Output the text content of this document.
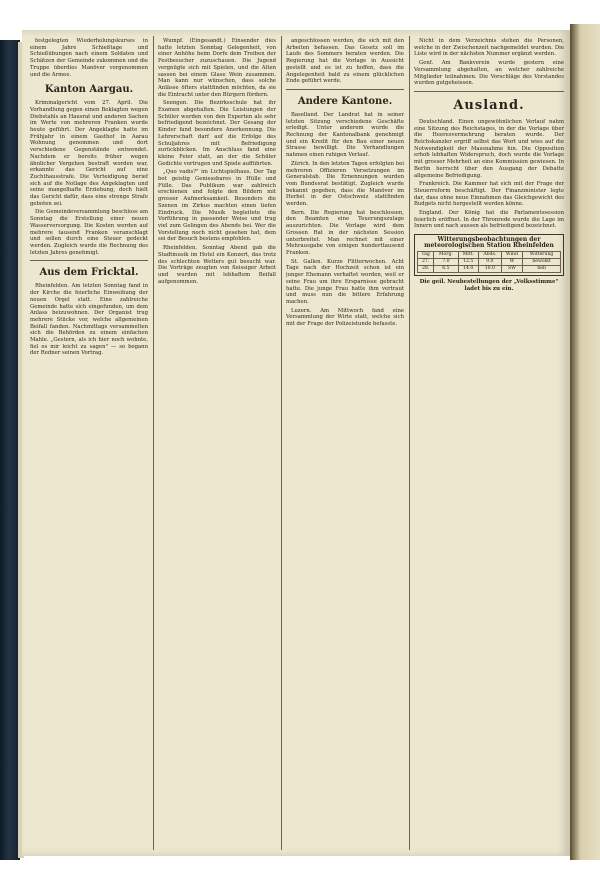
festgelegten Wiederholungskurses in einem Jahre Schießtage und Schießübungen nach einem Soldaten und Schätzen der Gemeinde zukommen und die Truppe überdies Manöver vorgenommen und die Armee.

Kanton Aargau.

Kriminalgericht vom 27. April. Die Vorhandlung gegen einen Beklagten wegen Diebstahls an Hausrat und anderen Sachen im Werte von mehreren Franken wurde heute geführt. Der Angeklagte hatte im Frühjahr in einem Gasthof in Aarau Wohnung genommen und dort verschiedene Gegenstände entwendet. Nachdem er bereits früher wegen ähnlicher Vergehen bestraft worden war, erkannte das Gericht auf eine Zuchthausstrafe. Die Verteidigung berief sich auf die Notlage des Angeklagten und seine mangelhafte Erziehung, doch hielt das Gericht dafür, dass eine strenge Strafe geboten sei.

Die Gemeindeversammlung beschloss am Sonntag die Erstellung einer neuen Wasserversorgung. Die Kosten werden auf mehrere tausend Franken veranschlagt und sollen durch eine Steuer gedeckt werden. Zugleich wurde die Rechnung des letzten Jahres genehmigt.

Aus dem Fricktal.

Rheinfelden. Am letzten Sonntag fand in der Kirche die feierliche Einweihung der neuen Orgel statt. Eine zahlreiche Gemeinde hatte sich eingefunden, um dem Anlass beizuwohnen. Der Organist trug mehrere Stücke vor, welche allgemeinen Beifall fanden. Nachmittags versammelten sich die Behörden zu einem einfachen Mahle. „Gestern, als ich hier noch wohnte, fiel es mir leicht zu sagen" — so begann der Redner seinen Vortrag.

Wumpf. (Eingesandt.) Einsender dies hatte letzten Sonntag Gelegenheit, von einer Anhöhe beim Dorfe dem Treiben der Festbesucher zuzuschauen. Die Jugend vergnügte sich mit Spielen, und die Alten sassen bei einem Glase Wein zusammen. Man kann nur wünschen, dass solche Anlässe öfters stattfinden möchten, da sie die Eintracht unter den Bürgern fördern.

Seengen. Die Bezirksschule hat ihr Examen abgehalten. Die Leistungen der Schüler wurden von den Experten als sehr befriedigend bezeichnet. Der Gesang der Kinder fand besondere Anerkennung. Die Lehrerschaft darf auf die Erfolge des Schuljahres mit Befriedigung zurückblicken. Im Anschluss fand eine kleine Feier statt, an der die Schüler Gedichte vortrugen und Spiele aufführten.

„Quo vadis?" im Lichtspielhaus. Der Tag bot geistig Geniessbares in Hülle und Fülle. Das Publikum war zahlreich erschienen und folgte den Bildern mit grosser Aufmerksamkeit. Besonders die Szenen im Zirkus machten einen tiefen Eindruck. Die Musik begleitete die Vorführung in passender Weise und trug viel zum Gelingen des Abends bei. Wer die Vorstellung noch nicht gesehen hat, dem sei der Besuch bestens empfohlen.

Rheinfelden. Sonntag Abend gab die Stadtmusik im Hotel ein Konzert, das trotz des schlechten Wetters gut besucht war. Die Vorträge zeugten von fleissiger Arbeit und wurden mit lebhaftem Beifall aufgenommen.

angeschlossen werden, die sich mit den Arbeiten befassen. Das Gesetz soll im Laufe des Sommers beraten werden. Die Regierung hat die Vorlage in Aussicht gestellt und es ist zu hoffen, dass die Angelegenheit bald zu einem glücklichen Ende geführt werde.

Andere Kantone.

Baselland. Der Landrat hat in seiner letzten Sitzung verschiedene Geschäfte erledigt. Unter anderem wurde die Rechnung der Kantonalbank genehmigt und ein Kredit für den Bau einer neuen Strasse bewilligt. Die Verhandlungen nahmen einen ruhigen Verlauf.

Zürich. In den letzten Tagen erfolgten bei mehreren Offizieren Versetzungen im Generalstab. Die Ernennungen wurden vom Bundesrat bestätigt. Zugleich wurde bekannt gegeben, dass die Manöver im Herbst in der Ostschweiz stattfinden werden.

Bern. Die Regierung hat beschlossen, den Beamten eine Teuerungszulage auszurichten. Die Vorlage wird dem Grossen Rat in der nächsten Session unterbreitet. Man rechnet mit einer Mehrausgabe von einigen hunderttausend Franken.

St. Gallen. Kurze Flitterwochen. Acht Tage nach der Hochzeit schon ist ein junger Ehemann verhaftet worden, weil er seine Frau um ihre Ersparnisse gebracht hatte. Die junge Frau hatte ihm vertraut und muss nun die bittere Erfahrung machen.

Luzern. Am Mittwoch fand eine Versammlung der Wirte statt, welche sich mit der Frage der Polizeistunde befasste.

Nicht in dem Verzeichnis stehen die Personen, welche in der Zwischenzeit nachgemeldet wurden. Die Liste wird in der nächsten Nummer ergänzt werden.

Genf. Am Bankverein wurde gestern eine Versammlung abgehalten, an welcher zahlreiche Mitglieder teilnahmen. Die Vorschläge des Vorstandes wurden gutgeheissen.

Ausland.

Deutschland. Einen ungewöhnlichen Verlauf nahm eine Sitzung des Reichstages, in der die Vorlage über die Heeresvermehrung beraten wurde. Der Reichskanzler ergriff selbst das Wort und wies auf die Notwendigkeit der Massnahme hin. Die Opposition erhob lebhaften Widerspruch, doch wurde die Vorlage mit grosser Mehrheit an eine Kommission gewiesen. In Berlin herrscht über den Ausgang der Debatte allgemeine Befriedigung.

Frankreich. Die Kammer hat sich mit der Frage der Steuerreform beschäftigt. Der Finanzminister legte dar, dass ohne neue Einnahmen das Gleichgewicht des Budgets nicht hergestellt werden könne.

England. Der König hat die Parlamentssession feierlich eröffnet. In der Thronrede wurde die Lage im Innern und nach aussen als befriedigend bezeichnet.

Witterungsbeobachtungen der meteorologischen Station Rheinfelden
Tag	Morg.	Mitt.	Abds.	Wind	Witterung
27.	7.0	12.5	9.0	W	bewölkt
28.	6.5	14.0	10.0	SW	hell
Die geil. Neubestellungen der „Volksstimme" ladet bis zu ein.
